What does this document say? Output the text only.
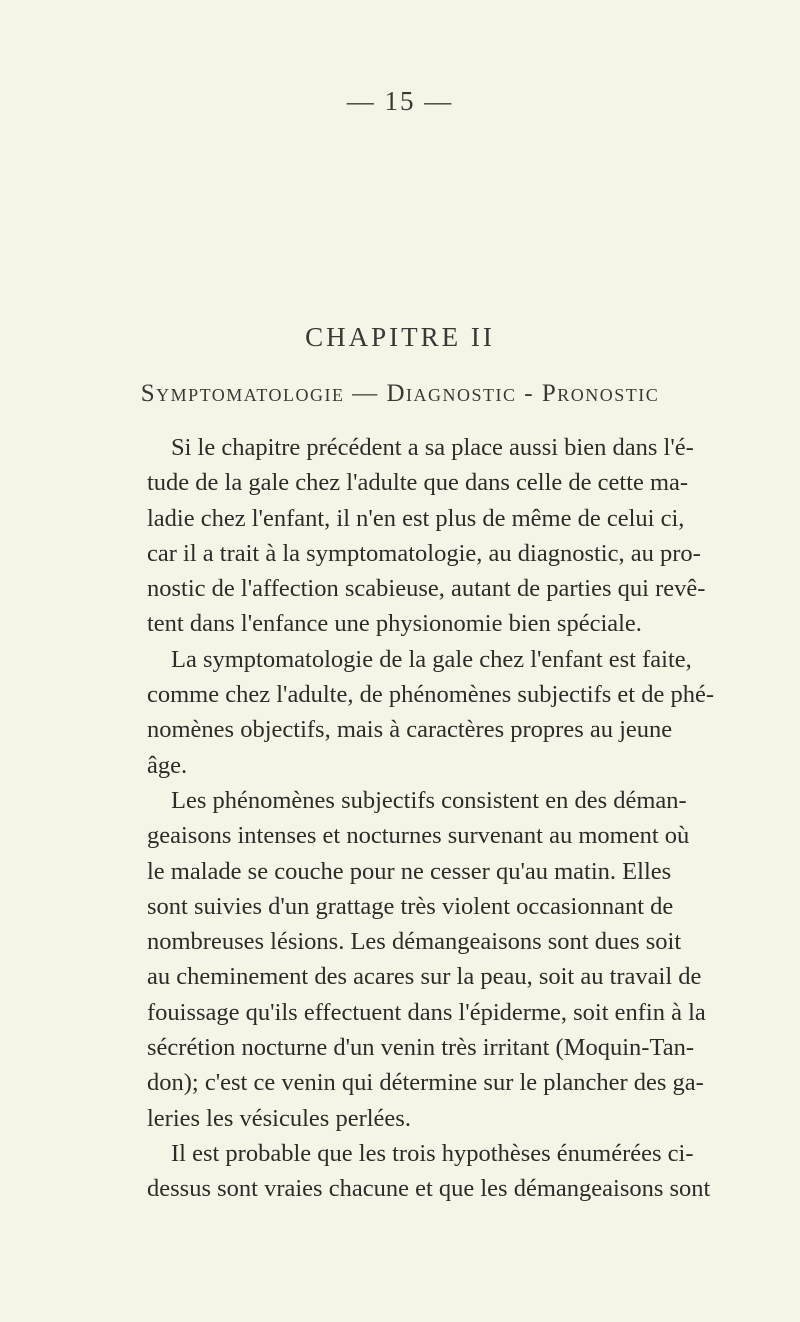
— 15 —
CHAPITRE II
Symptomatologie — Diagnostic - Pronostic
Si le chapitre précédent a sa place aussi bien dans l'é-
tude de la gale chez l'adulte que dans celle de cette ma-
ladie chez l'enfant, il n'en est plus de même de celui ci,
car il a trait à la symptomatologie, au diagnostic, au pro-
nostic de l'affection scabieuse, autant de parties qui revê-
tent dans l'enfance une physionomie bien spéciale.
La symptomatologie de la gale chez l'enfant est faite,
comme chez l'adulte, de phénomènes subjectifs et de phé-
nomènes objectifs, mais à caractères propres au jeune
âge.
Les phénomènes subjectifs consistent en des déman-
geaisons intenses et nocturnes survenant au moment où
le malade se couche pour ne cesser qu'au matin. Elles
sont suivies d'un grattage très violent occasionnant de
nombreuses lésions. Les démangeaisons sont dues soit
au cheminement des acares sur la peau, soit au travail de
fouissage qu'ils effectuent dans l'épiderme, soit enfin à la
sécrétion nocturne d'un venin très irritant (Moquin-Tan-
don); c'est ce venin qui détermine sur le plancher des ga-
leries les vésicules perlées.
Il est probable que les trois hypothèses énumérées ci-
dessus sont vraies chacune et que les démangeaisons sont
